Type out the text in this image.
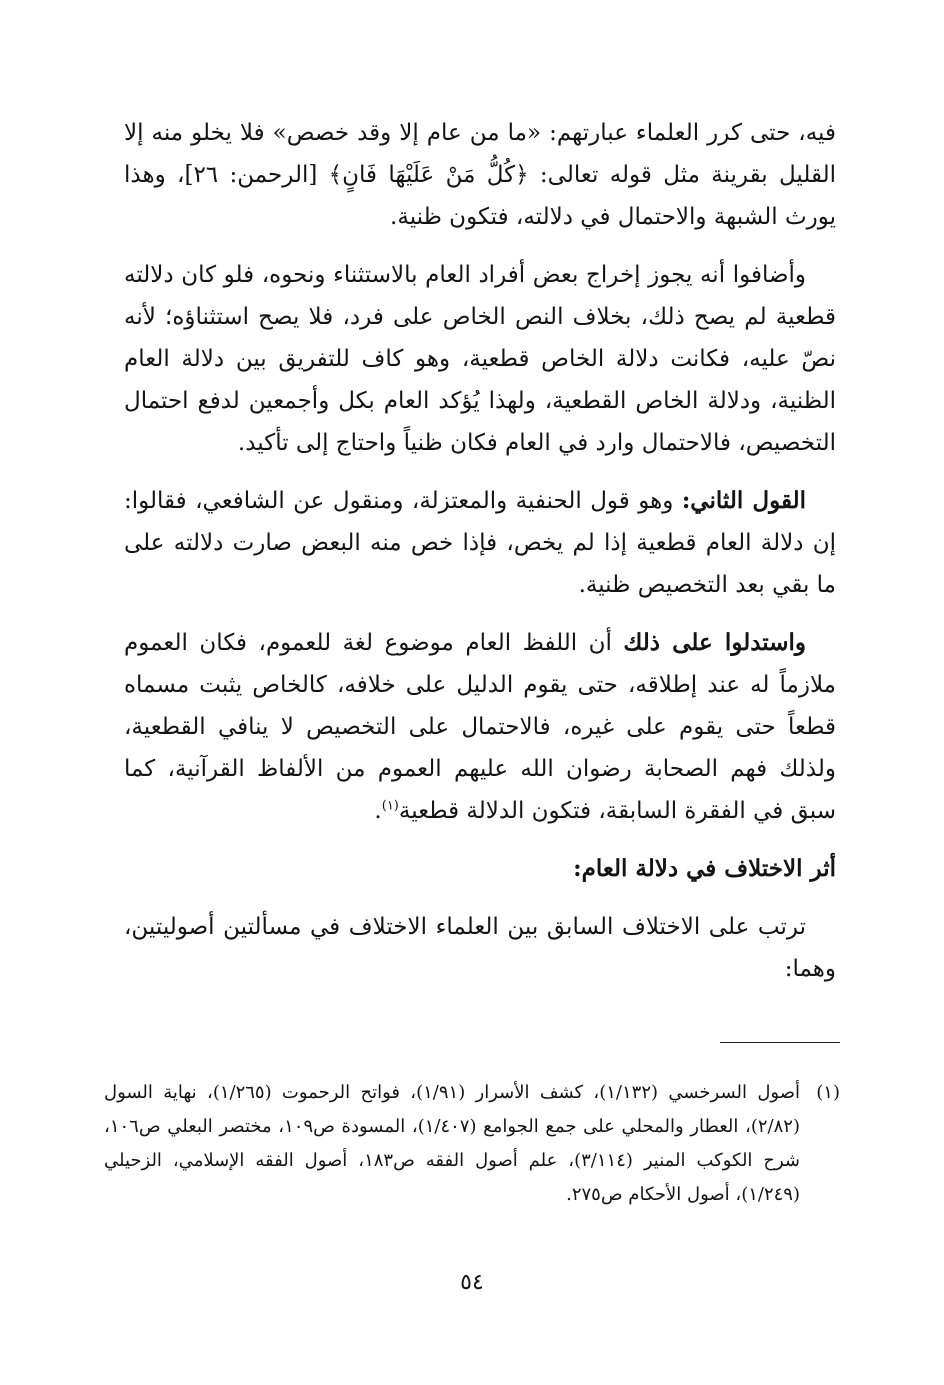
فيه، حتى كرر العلماء عبارتهم: «ما من عام إلا وقد خصص» فلا يخلو منه إلا القليل بقرينة مثل قوله تعالى: ﴿كُلُّ مَنْ عَلَيْهَا فَانٍ﴾ [الرحمن: ٢٦]، وهذا يورث الشبهة والاحتمال في دلالته، فتكون ظنية.

وأضافوا أنه يجوز إخراج بعض أفراد العام بالاستثناء ونحوه، فلو كان دلالته قطعية لم يصح ذلك، بخلاف النص الخاص على فرد، فلا يصح استثناؤه؛ لأنه نصّ عليه، فكانت دلالة الخاص قطعية، وهو كاف للتفريق بين دلالة العام الظنية، ودلالة الخاص القطعية، ولهذا يُؤكد العام بكل وأجمعين لدفع احتمال التخصيص، فالاحتمال وارد في العام فكان ظنياً واحتاج إلى تأكيد.

القول الثاني: وهو قول الحنفية والمعتزلة، ومنقول عن الشافعي، فقالوا: إن دلالة العام قطعية إذا لم يخص، فإذا خص منه البعض صارت دلالته على ما بقي بعد التخصيص ظنية.

واستدلوا على ذلك أن اللفظ العام موضوع لغة للعموم، فكان العموم ملازماً له عند إطلاقه، حتى يقوم الدليل على خلافه، كالخاص يثبت مسماه قطعاً حتى يقوم على غيره، فالاحتمال على التخصيص لا ينافي القطعية، ولذلك فهم الصحابة رضوان الله عليهم العموم من الألفاظ القرآنية، كما سبق في الفقرة السابقة، فتكون الدلالة قطعية$^{(١)}$.

أثر الاختلاف في دلالة العام:

ترتب على الاختلاف السابق بين العلماء الاختلاف في مسألتين أصوليتين، وهما:

(١)
أصول السرخسي (١/١٣٢)، كشف الأسرار (١/٩١)، فواتح الرحموت (١/٢٦٥)، نهاية السول (٢/٨٢)، العطار والمحلي على جمع الجوامع (١/٤٠٧)، المسودة ص١٠٩، مختصر البعلي ص١٠٦، شرح الكوكب المنير (٣/١١٤)، علم أصول الفقه ص١٨٣، أصول الفقه الإسلامي، الزحيلي (١/٢٤٩)، أصول الأحكام ص٢٧٥.
٥٤
